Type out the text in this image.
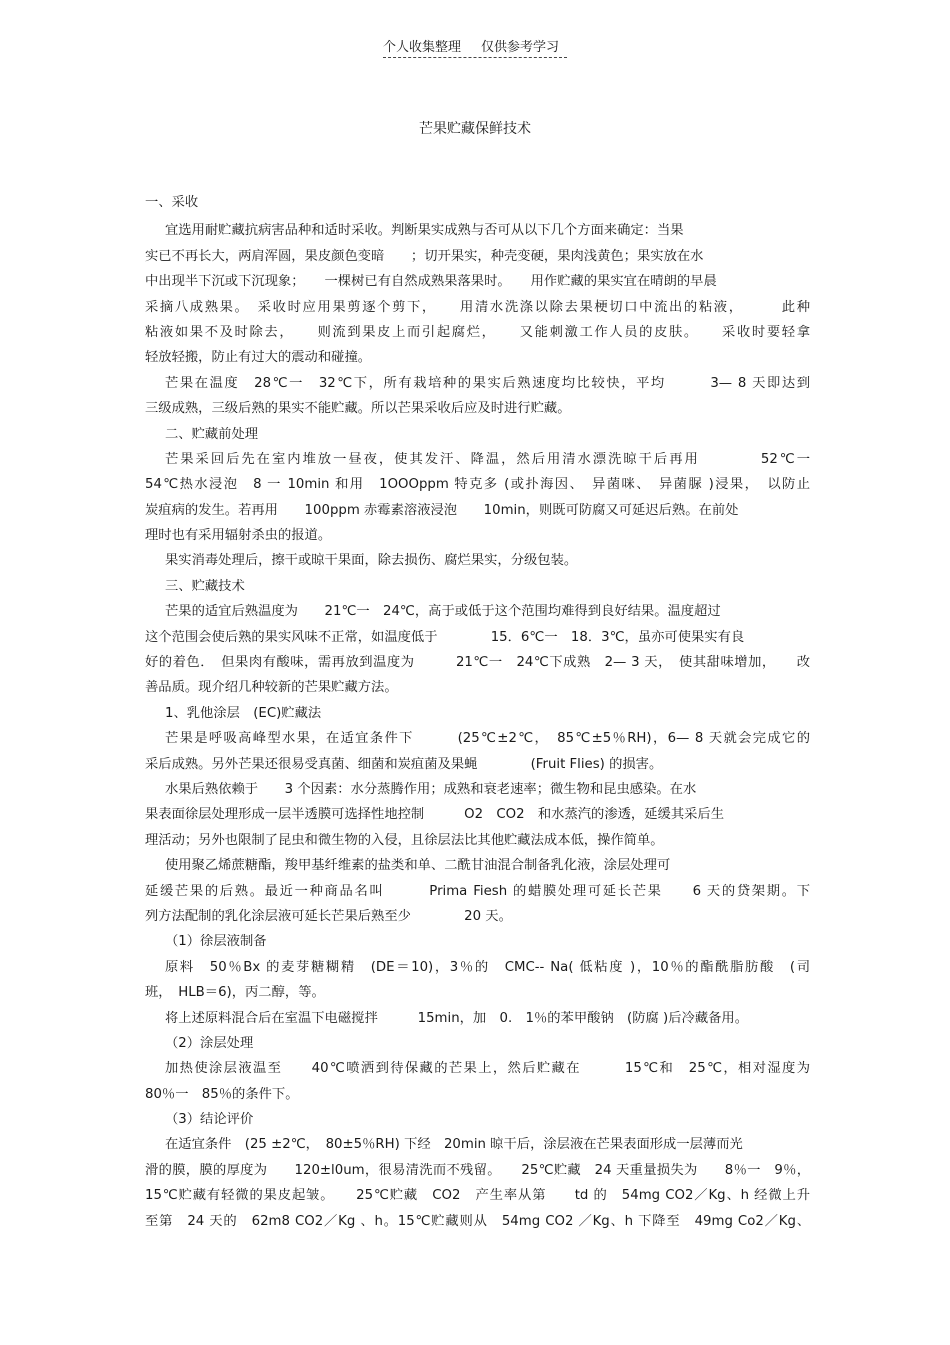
个人收集整理 仅供参考学习
芒果贮藏保鲜技术
一、采收
宜选用耐贮藏抗病害品种和适时采收。判断果实成熟与否可从以下几个方面来确定：当果
实已不再长大，两肩浑圆，果皮颜色变暗　　；切开果实，种壳变硬，果肉浅黄色；果实放在水
中出现半下沉或下沉现象；　　一棵树已有自然成熟果落果时。　　用作贮藏的果实宜在晴朗的早晨
采摘八成熟果。　采收时应用果剪逐个剪下，　　用清水洗涤以除去果梗切口中流出的粘液，　　　此种
粘液如果不及时除去，　　则流到果皮上而引起腐烂，　　又能刺激工作人员的皮肤。　　采收时要轻拿
轻放轻搬，防止有过大的震动和碰撞。
芒果在温度　28℃一　32℃下，所有栽培种的果实后熟速度均比较快，平均　　　3— 8 天即达到
三级成熟，三级后熟的果实不能贮藏。所以芒果采收后应及时进行贮藏。
二、贮藏前处理
芒果采回后先在室内堆放一昼夜，使其发汗、降温，然后用清水漂洗晾干后再用　　　　52℃一
54℃热水浸泡　8 一 10min 和用　1OOOppm 特克多 (或扑海因、　异菌咪、　异菌脲 )浸果，　以防止
炭疽病的发生。若再用　　100ppm 赤霉素溶液浸泡　　10min，则既可防腐又可延迟后熟。在前处
理时也有采用辐射杀虫的报道。
果实消毒处理后，擦干或晾干果面，除去损伤、腐烂果实，分级包装。
三、贮藏技术
芒果的适宜后熟温度为　　21℃一　24℃，高于或低于这个范围均难得到良好结果。温度超过
这个范围会使后熟的果实风味不正常，如温度低于　　　　15．6℃一　18．3℃，虽亦可使果实有良
好的着色．　但果肉有酸味，需再放到温度为　　　21℃一　24℃下成熟　2— 3 天，　使其甜味增加，　　改
善品质。现介绍几种较新的芒果贮藏方法。
1、乳他涂层　(EC)贮藏法
芒果是呼吸高峰型水果，在适宜条件下　　　(25℃±2℃，　85℃±5％RH)，6— 8 天就会完成它的
采后成熟。另外芒果还很易受真菌、细菌和炭疽菌及果蝇　　　　(Fruit Flies) 的损害。
水果后熟依赖于　　3 个因素：水分蒸腾作用；成熟和衰老速率；微生物和昆虫感染。在水
果表面徐层处理形成一层半透膜可选择性地控制　　　O2　CO2　和水蒸汽的渗透，延缓其采后生
理活动；另外也限制了昆虫和微生物的入侵，且徐层法比其他贮藏法成本低，操作简单。
使用聚乙烯蔗糖酯，羧甲基纤维素的盐类和单、二酰甘油混合制备乳化液，涂层处理可
延缓芒果的后熟。最近一种商品名叫　　　Prima Fiesh 的蜡膜处理可延长芒果　　6 天的贷架期。下
列方法配制的乳化涂层液可延长芒果后熟至少　　　　20 天。
（1）徐层液制备
原料　50％Bx 的麦芽糖糊精　(DE＝10)，3％的　CMC-- Na( 低粘度 )，10％的酯酰脂肪酸　(司
班，　HLB＝6)，丙二醇，等。
将上述原料混合后在室温下电磁搅拌　　　15min，加　0.　1％的苯甲酸钠　(防腐 )后冷藏备用。
（2）涂层处理
加热使涂层液温至　　40℃喷洒到待保藏的芒果上，然后贮藏在　　　15℃和　25℃，相对湿度为
80％一　85％的条件下。
（3）结论评价
在适宜条件　(25 ±2℃，　80±5％RH) 下经　20min 晾干后，涂层液在芒果表面形成一层薄而光
滑的膜，膜的厚度为　　120±l0um，很易清洗而不残留。　　25℃贮藏　24 天重量损失为　　8％一　9％，
15℃贮藏有轻微的果皮起皱。　　25℃贮藏　CO2　产生率从第　　td 的　54mg CO2／Kg、h 经微上升
至第　24 天的　62m8 CO2／Kg 、h。15℃贮藏则从　54mg CO2 ／Kg、h 下降至　49mg Co2／Kg、
